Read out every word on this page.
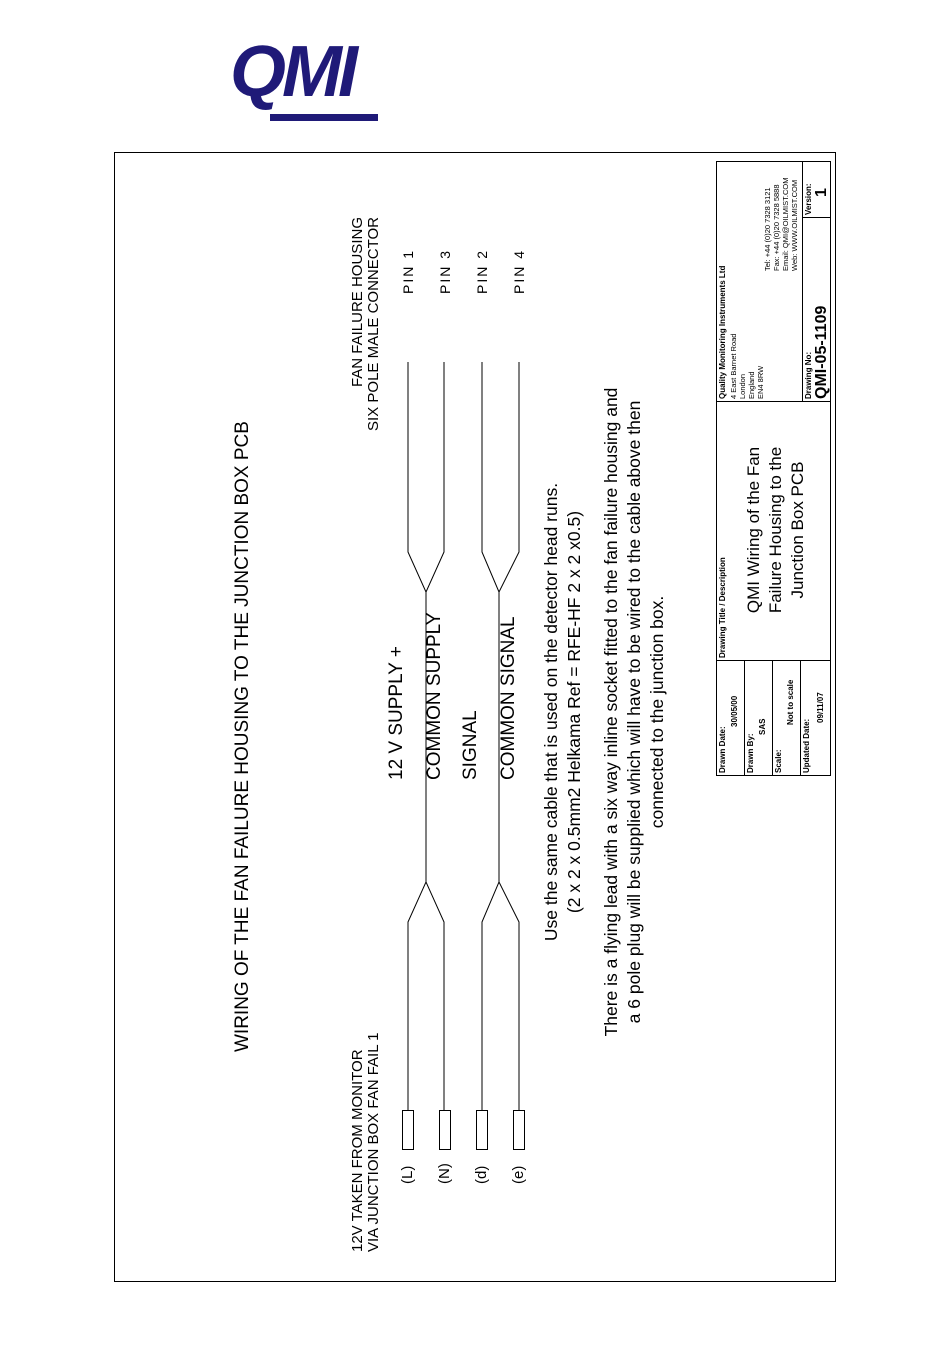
QMI
WIRING OF THE FAN FAILURE HOUSING TO THE JUNCTION BOX PCB
12V TAKEN FROM MONITOR VIA JUNCTION BOX FAN FAIL 1
FAN FAILURE HOUSING SIX POLE MALE CONNECTOR
(L) (N) (d) (e)
PIN 1 PIN 3 PIN 2 PIN 4
12 V SUPPLY + COMMON SUPPLY SIGNAL COMMON SIGNAL Use the same cable that is used on the detector head runs. (2 x 2 x 0.5mm2 Helkama Ref = RFE-HF 2 x 2 x0.5) There is a flying lead with a six way inline socket fitted to the fan failure housing and a 6 pole plug will be supplied which will have to be wired to the cable above then connected to the junction box.	Drawn Date:
30/05/00
Drawn By:
SAS
Scale:
Not to scale
Updated Date:
09/11/07
Drawing Title / Description QMI Wiring of the Fan Failure Housing to the Junction Box PCB
Quality Monitoring Instruments Ltd 4 East Barnet Road London England EN4 8RW
Tel: +44 (0)20 7328 3121 Fax: +44 (0)20 7328 5888 Email: QMI@OILMIST.COM Web: WWW.OILMIST.COM
Drawing No: QMI-05-1109
Version: 1
